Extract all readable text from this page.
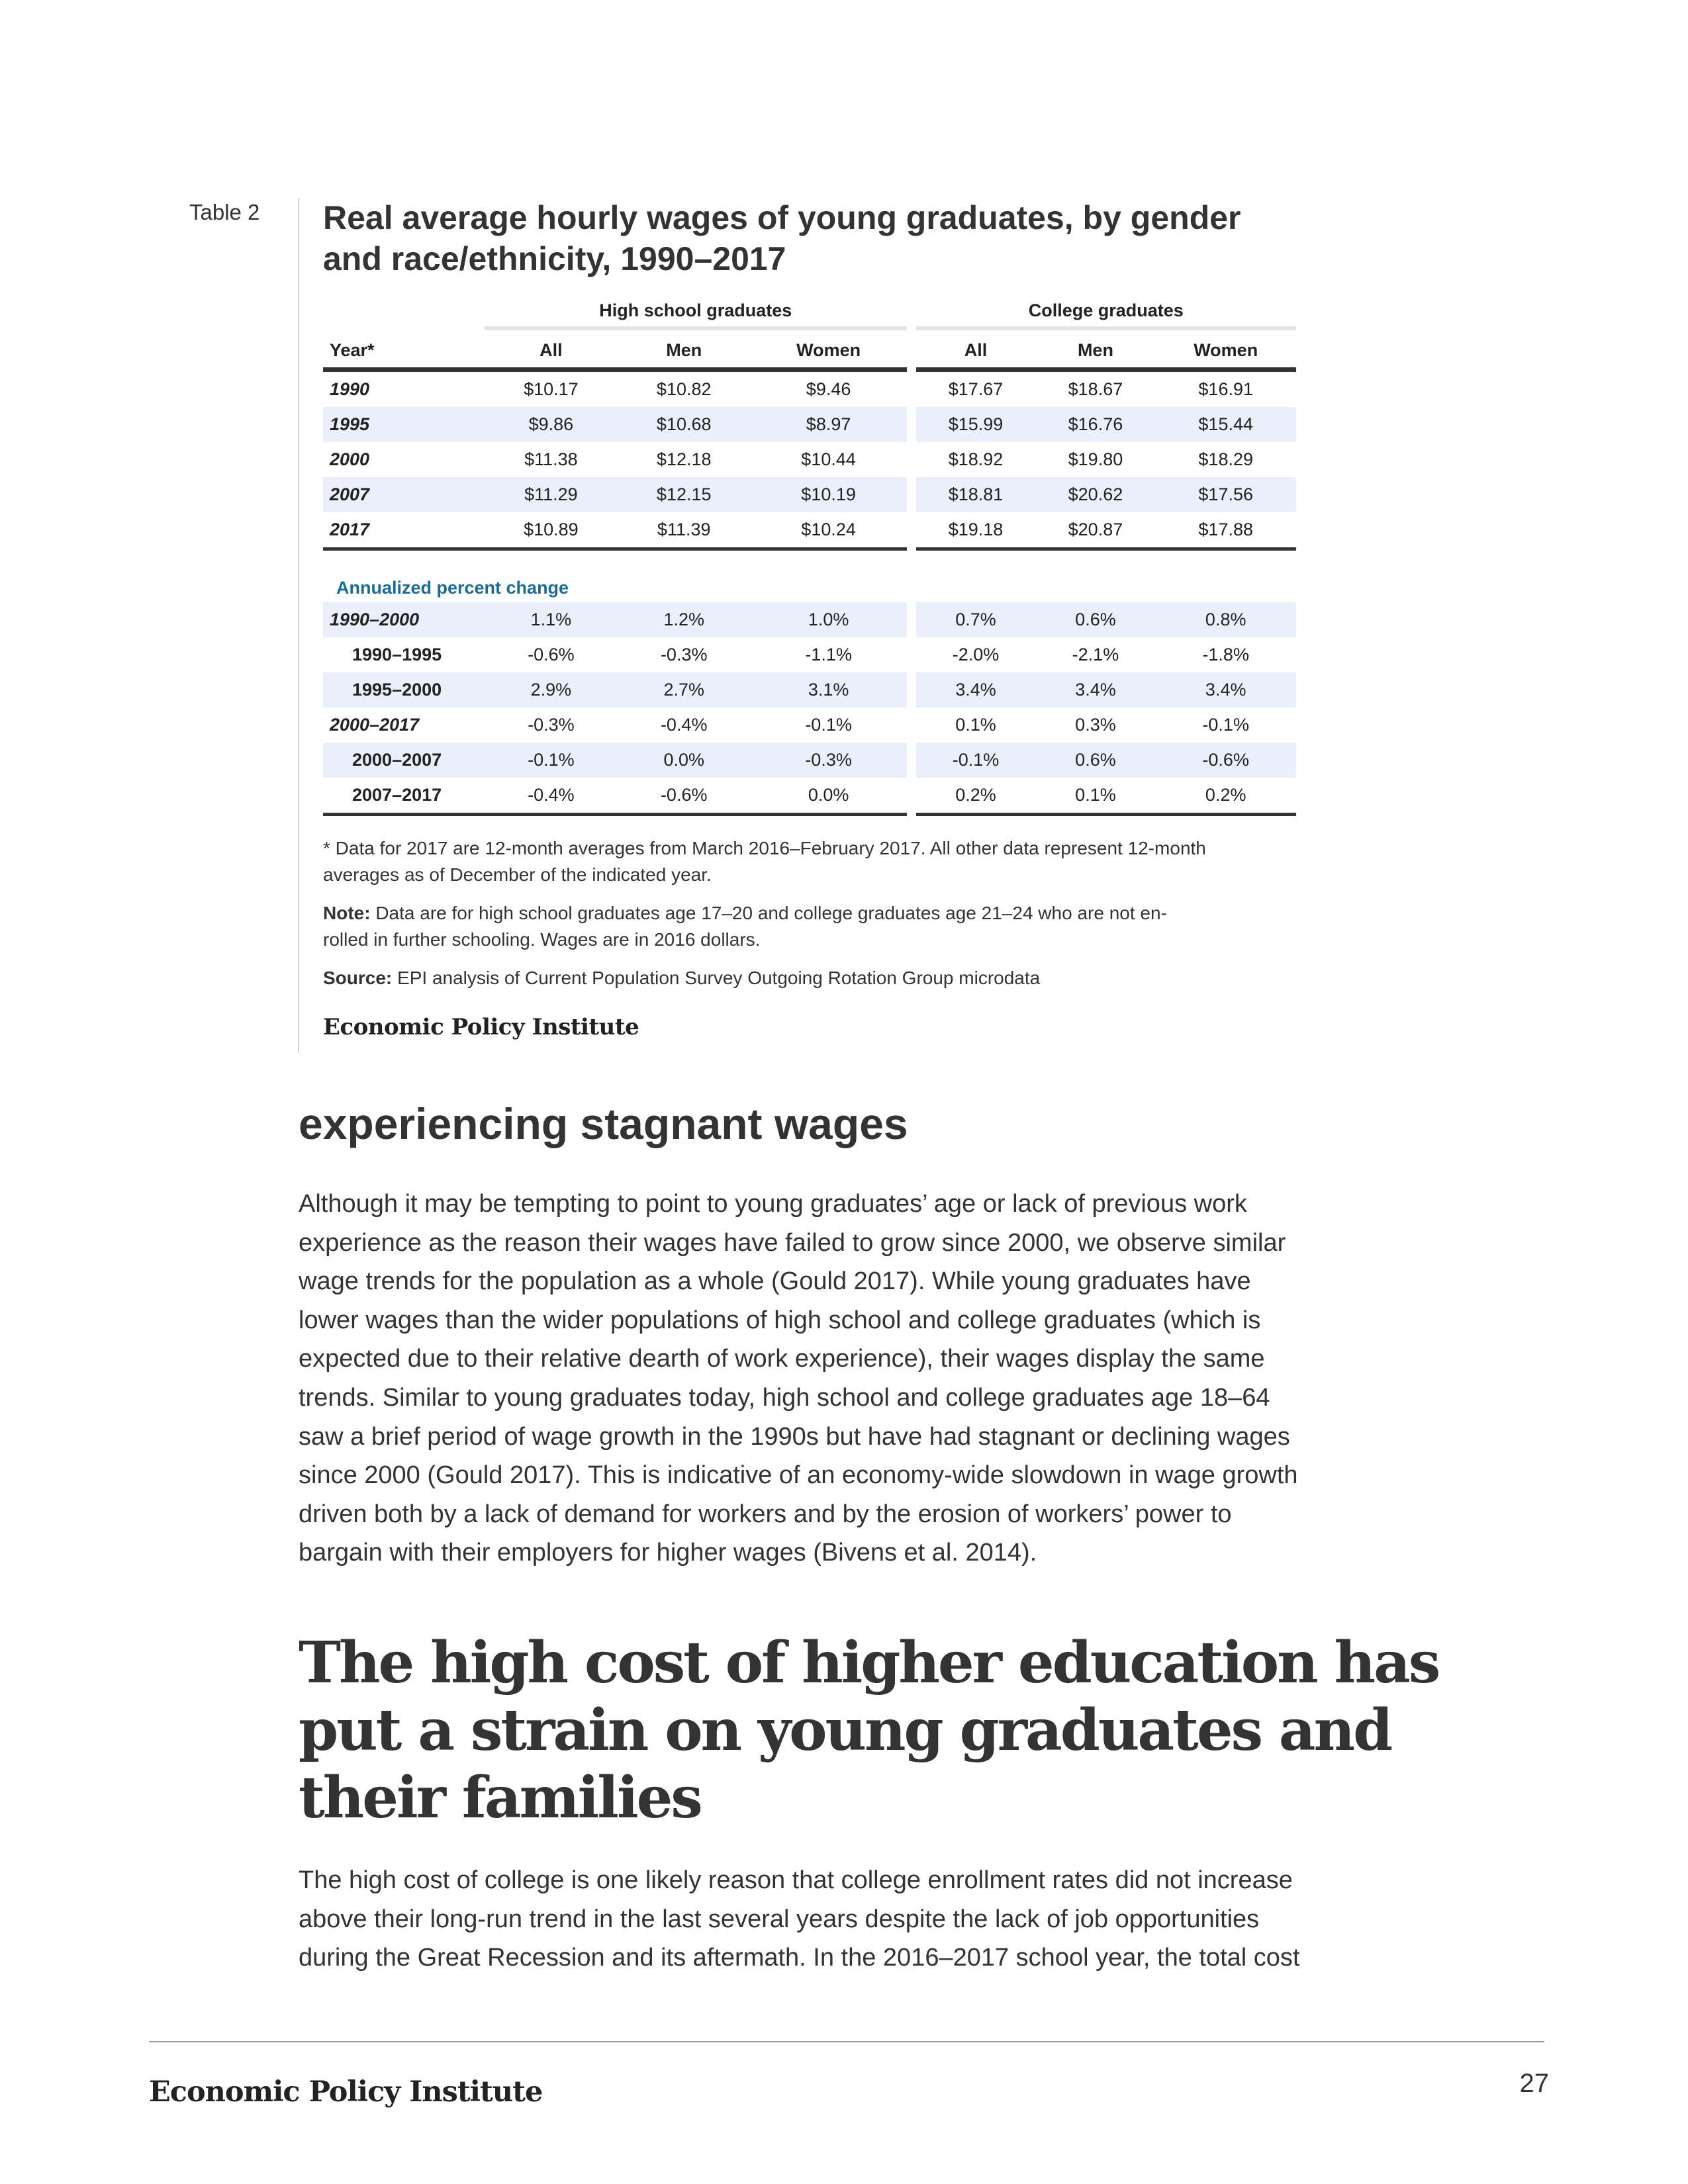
Table 2 Real average hourly wages of young graduates, by gender
and race/ethnicity, 1990–2017

	High school graduates				College graduates		

Year*	All	Men	Women		All	Men	Women
1990	$10.17	$10.82	$9.46		$17.67	$18.67	$16.91
1995	$9.86	$10.68	$8.97		$15.99	$16.76	$15.44
2000	$11.38	$12.18	$10.44		$18.92	$19.80	$18.29
2007	$11.29	$12.15	$10.19		$18.81	$20.62	$17.56
2017	$10.89	$11.39	$10.24		$19.18	$20.87	$17.88

Annualized percent change							
1990–2000	1.1%	1.2%	1.0%		0.7%	0.6%	0.8%
1990–1995	-0.6%	-0.3%	-1.1%		-2.0%	-2.1%	-1.8%
1995–2000	2.9%	2.7%	3.1%		3.4%	3.4%	3.4%
2000–2017	-0.3%	-0.4%	-0.1%		0.1%	0.3%	-0.1%
2000–2007	-0.1%	0.0%	-0.3%		-0.1%	0.6%	-0.6%
2007–2017	-0.4%	-0.6%	0.0%		0.2%	0.1%	0.2%
* Data for 2017 are 12-month averages from March 2016–February 2017. All other data represent 12-month
averages as of December of the indicated year.
Note: Data are for high school graduates age 17–20 and college graduates age 21–24 who are not en-
rolled in further schooling. Wages are in 2016 dollars.
Source: EPI analysis of Current Population Survey Outgoing Rotation Group microdata
Economic Policy Institute
experiencing stagnant wages
Although it may be tempting to point to young graduates’ age or lack of previous work
experience as the reason their wages have failed to grow since 2000, we observe similar
wage trends for the population as a whole (Gould 2017). While young graduates have
lower wages than the wider populations of high school and college graduates (which is
expected due to their relative dearth of work experience), their wages display the same
trends. Similar to young graduates today, high school and college graduates age 18–64
saw a brief period of wage growth in the 1990s but have had stagnant or declining wages
since 2000 (Gould 2017). This is indicative of an economy-wide slowdown in wage growth
driven both by a lack of demand for workers and by the erosion of workers’ power to
bargain with their employers for higher wages (Bivens et al. 2014).
The high cost of higher education has
put a strain on young graduates and
their families
The high cost of college is one likely reason that college enrollment rates did not increase
above their long-run trend in the last several years despite the lack of job opportunities
during the Great Recession and its aftermath. In the 2016–2017 school year, the total cost
Economic Policy Institute	27
